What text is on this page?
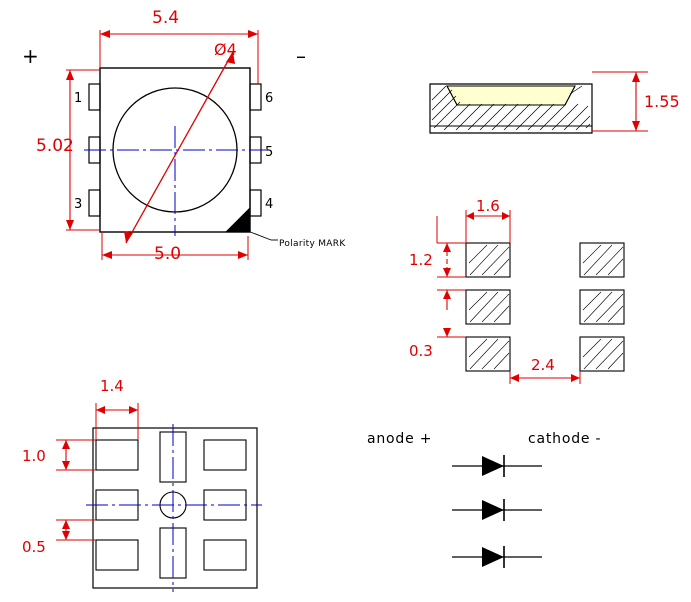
5.4
5.0
5.02
Ø4
1	6
5
3	4
+	–
Polarity MARK
1.55
1.6
1.2
0.3
2.4
1.4
1.0
0.5
anode +	cathode -
